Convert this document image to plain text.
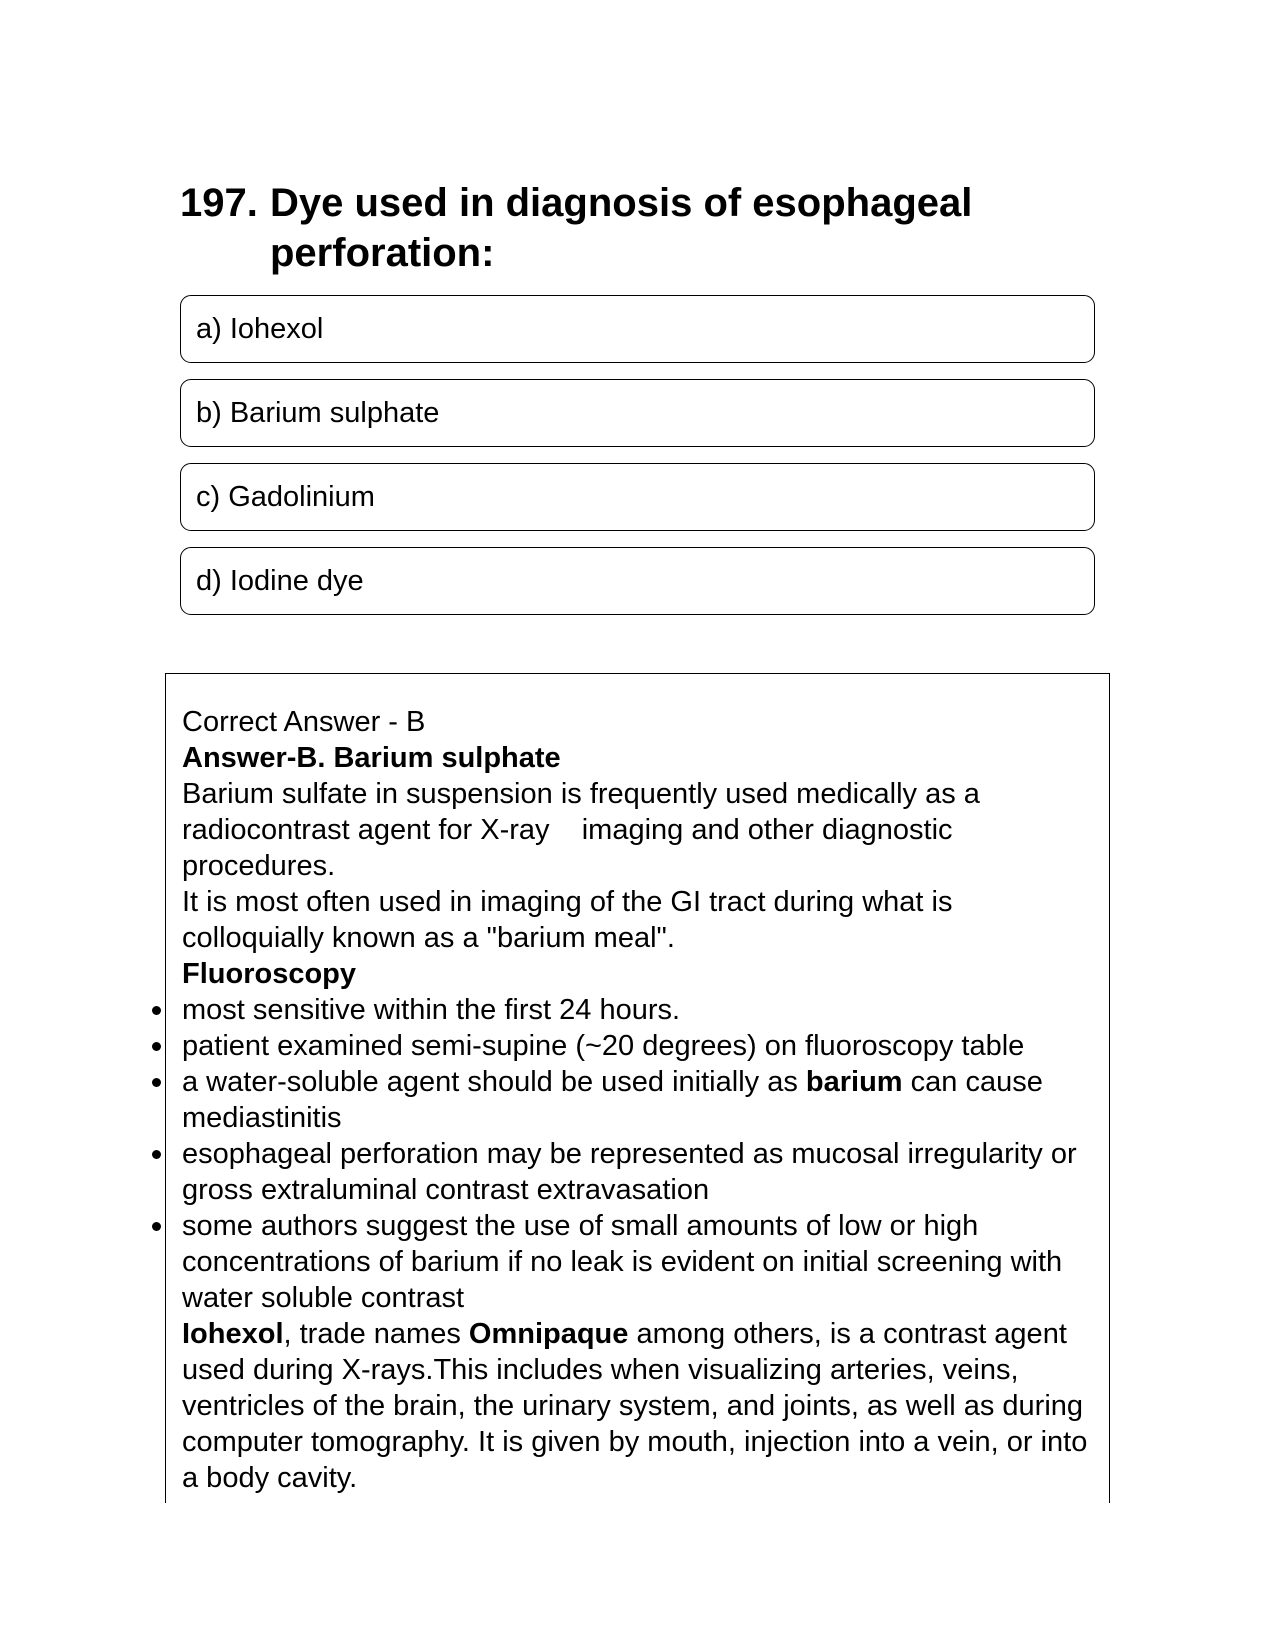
197. Dye used in diagnosis of esophageal perforation:
a) Iohexol
b) Barium sulphate
c) Gadolinium
d) Iodine dye

Correct Answer - B

Answer-B. Barium sulphate

Barium sulfate in suspension is frequently used medically as a radiocontrast agent for X-ray    imaging and other diagnostic procedures.

It is most often used in imaging of the GI tract during what is colloquially known as a "barium meal".

Fluoroscopy

most sensitive within the first 24 hours.
patient examined semi-supine (~20 degrees) on fluoroscopy table
a water-soluble agent should be used initially as barium can cause mediastinitis
esophageal perforation may be represented as mucosal irregularity or gross extraluminal contrast extravasation
some authors suggest the use of small amounts of low or high concentrations of barium if no leak is evident on initial screening with water soluble contrast

Iohexol, trade names Omnipaque among others, is a contrast agent used during X-rays.This includes when visualizing arteries, veins, ventricles of the brain, the urinary system, and joints, as well as during computer tomography. It is given by mouth, injection into a vein, or into a body cavity.
